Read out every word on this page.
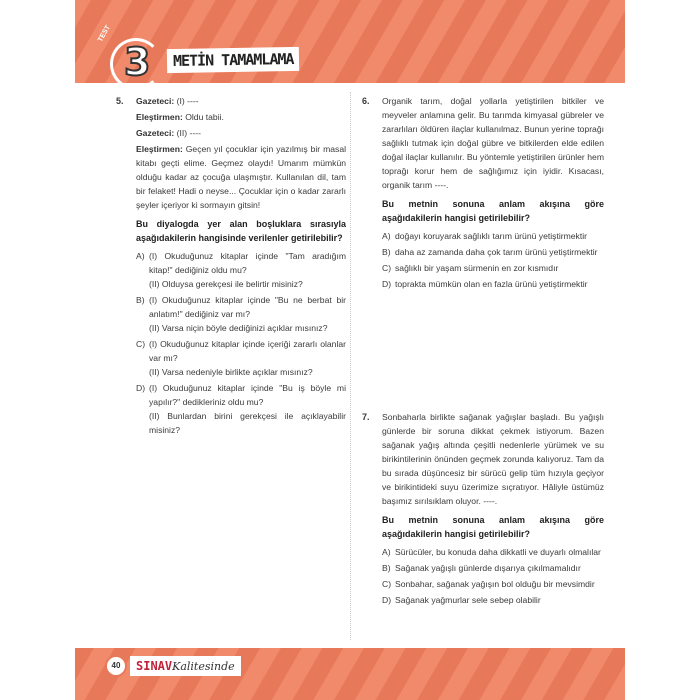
TEST
3	METİN TAMAMLAMA
5. Gazeteci: (I) ----
Eleştirmen: Oldu tabii.
Gazeteci: (II) ----
Eleştirmen: Geçen yıl çocuklar için yazılmış bir masal kitabı geçti elime. Geçmez olaydı! Umarım mümkün olduğu kadar az çocuğa ulaşmıştır. Kullanılan dil, tam bir felaket! Hadi o neyse... Çocuklar için o kadar zararlı şeyler içeriyor ki sormayın gitsin!
Bu diyalogda yer alan boşluklara sırasıyla aşağıdakilerin hangisinde verilenler getirilebilir?
A) (I) Okuduğunuz kitaplar içinde "Tam aradığım kitap!" dediğiniz oldu mu?
(II) Olduysa gerekçesi ile belirtir misiniz?
B) (I) Okuduğunuz kitaplar içinde "Bu ne berbat bir anlatım!" dediğiniz var mı?
(II) Varsa niçin böyle dediğinizi açıklar mısınız?
C) (I) Okuduğunuz kitaplar içinde içeriği zararlı olanlar var mı?
(II) Varsa nedeniyle birlikte açıklar mısınız?
D) (I) Okuduğunuz kitaplar içinde "Bu iş böyle mi yapılır?" dedikleriniz oldu mu?
(II) Bunlardan birini gerekçesi ile açıklayabilir misiniz?
6. Organik tarım, doğal yollarla yetiştirilen bitkiler ve meyveler anlamına gelir. Bu tarımda kimyasal gübreler ve zararlıları öldüren ilaçlar kullanılmaz. Bunun yerine toprağı sağlıklı tutmak için doğal gübre ve bitkilerden elde edilen doğal ilaçlar kullanılır. Bu yöntemle yetiştirilen ürünler hem toprağı korur hem de sağlığımız için iyidir. Kısacası, organik tarım ----.
Bu metnin sonuna anlam akışına göre aşağıdakilerin hangisi getirilebilir?
A) doğayı koruyarak sağlıklı tarım ürünü yetiştirmektir
B) daha az zamanda daha çok tarım ürünü yetiştirmektir
C) sağlıklı bir yaşam sürmenin en zor kısmıdır
D) toprakta mümkün olan en fazla ürünü yetiştirmektir
7. Sonbaharla birlikte sağanak yağışlar başladı. Bu yağışlı günlerde bir soruna dikkat çekmek istiyorum. Bazen sağanak yağış altında çeşitli nedenlerle yürümek ve su birikintilerinin önünden geçmek zorunda kalıyoruz. Tam da bu sırada düşüncesiz bir sürücü gelip tüm hızıyla geçiyor ve birikintideki suyu üzerimize sıçratıyor. Hâliyle üstümüz başımız sırılsıklam oluyor. ----.
Bu metnin sonuna anlam akışına göre aşağıdakilerin hangisi getirilebilir?
A) Sürücüler, bu konuda daha dikkatli ve duyarlı olmalılar
B) Sağanak yağışlı günlerde dışarıya çıkılmamalıdır
C) Sonbahar, sağanak yağışın bol olduğu bir mevsimdir
D) Sağanak yağmurlar sele sebep olabilir
40	SINAVKalitesinde
